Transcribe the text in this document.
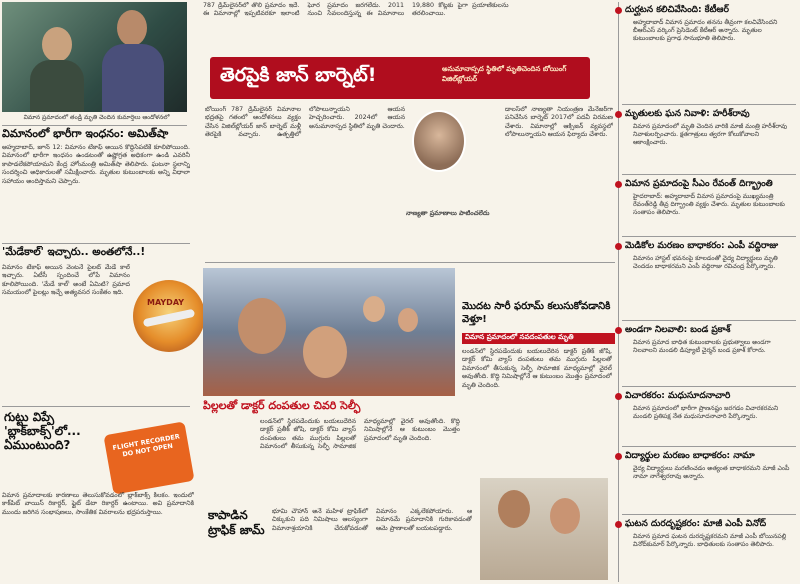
విమాన ప్రమాదంలో తండ్రి మృతి చెందిన కుమార్తెలు ఆందోళనలో
విమానంలో భారీగా ఇంధనం: అమిత్‌షా
అహ్మదాబాద్, జూన్ 12: విమానం టేకాఫ్ అయిన కొద్దిసేపటికే కూలిపోయింది. విమానంలో భారీగా ఇంధనం ఉండటంతో ఉష్ణోగ్రత అధికంగా ఉండి ఎవరినీ కాపాడలేకపోయామని కేంద్ర హోంమంత్రి అమిత్‌షా తెలిపారు. ఘటనా స్థలాన్ని సందర్శించి అధికారులతో సమీక్షించారు. మృతుల కుటుంబాలకు అన్ని విధాలా సహాయం అందిస్తామని చెప్పారు.
'మేడేకాల్' ఇచ్చారు.. అంతలోనే..!
విమానం టేకాఫ్ అయిన వెంటనే పైలట్ మేడే కాల్ ఇచ్చారు. ఏటీసీ స్పందించే లోపే విమానం కూలిపోయింది. 'మేడే కాల్' అంటే ఏమిటి? ప్రమాద సమయంలో పైలట్లు ఇచ్చే అత్యవసర సంకేతం ఇది.
MAYDAY
గుట్టు విప్పే 'బ్లాక్‌బాక్స్'లో... ఏముంటుంది?	FLIGHT RECORDER DO NOT OPEN
విమాన ప్రమాదాలకు కారణాలు తెలుసుకోవడంలో బ్లాక్‌బాక్స్ కీలకం. ఇందులో కాక్‌పిట్ వాయిస్ రికార్డర్, ఫ్లైట్ డేటా రికార్డర్ ఉంటాయి. అవి ప్రమాదానికి ముందు జరిగిన సంభాషణలు, సాంకేతిక వివరాలను భద్రపరుస్తాయి.
787 డ్రీమ్‌లైనర్‌లో తొలి ప్రమాదం ఇదే. ఈ విమానాల్లో ఇప్పటివరకూ ఇలాంటి ఘోర ప్రమాదం జరగలేదు. 2011 నుంచి సేవలందిస్తున్న ఈ విమానాలు 19,880 కోట్లకు పైగా ప్రయాణికులను తరలించాయి.
తెరపైకి జాన్ బార్నెట్!	అనుమానాస్పద స్థితిలో మృతిచెందిన బోయింగ్ విజిల్‌బ్లోయర్
బోయింగ్ 787 డ్రీమ్‌లైనర్ విమానాల భద్రతపై గతంలో ఆందోళనలు వ్యక్తం చేసిన విజిల్‌బ్లోయర్ జాన్ బార్నెట్ మళ్లీ తెరపైకి వచ్చారు. ఉత్పత్తిలో లోపాలున్నాయని ఆయన హెచ్చరించారు. 2024లో ఆయన అనుమానాస్పద స్థితిలో మృతి చెందారు.
నాణ్యతా ప్రమాణాలు పాటించలేదు
డాలస్‌లో నాణ్యతా నియంత్రణ మేనేజర్‌గా పనిచేసిన బార్నెట్ 2017లో పదవీ విరమణ చేశారు. విమానాల్లో ఆక్సిజన్ వ్యవస్థలో లోపాలున్నాయని ఆయన ఫిర్యాదు చేశారు.
పిల్లలతో డాక్టర్ దంపతుల చివరి సెల్ఫీ
లండన్‌లో స్థిరపడేందుకు బయలుదేరిన డాక్టర్ ప్రతీక్ జోషి, డాక్టర్ కోమి వ్యాస్ దంపతులు తమ ముగ్గురు పిల్లలతో విమానంలో తీసుకున్న సెల్ఫీ సామాజిక మాధ్యమాల్లో వైరల్ అవుతోంది. కొద్ది నిమిషాల్లోనే ఆ కుటుంబం మొత్తం ప్రమాదంలో మృతి చెందింది.
మొదట సారీ ఫరూమ్ కలుసుకోవడానికి వెళ్తూ!
విమాన ప్రమాదంలో నవదంపతుల మృతి
లండన్‌లో స్థిరపడేందుకు బయలుదేరిన డాక్టర్ ప్రతీక్ జోషి, డాక్టర్ కోమి వ్యాస్ దంపతులు తమ ముగ్గురు పిల్లలతో విమానంలో తీసుకున్న సెల్ఫీ సామాజిక మాధ్యమాల్లో వైరల్ అవుతోంది. కొద్ది నిమిషాల్లోనే ఆ కుటుంబం మొత్తం ప్రమాదంలో మృతి చెందింది.
కాపాడిన ట్రాఫిక్ జామ్
భూమి చౌహాన్ అనే మహిళ ట్రాఫిక్‌లో చిక్కుకుని పది నిమిషాలు ఆలస్యంగా విమానాశ్రయానికి చేరుకోవడంతో విమానం ఎక్కలేకపోయారు. ఆ విమానమే ప్రమాదానికి గురికావడంతో ఆమె ప్రాణాలతో బయటపడ్డారు.
దుర్ఘటన కలిచివేసింది: కేటీఆర్
అహ్మదాబాద్ విమాన ప్రమాదం తనను తీవ్రంగా కలచివేసిందని బీఆర్ఎస్ వర్కింగ్ ప్రెసిడెంట్ కేటీఆర్ అన్నారు. మృతుల కుటుంబాలకు ప్రగాఢ సానుభూతి తెలిపారు.
మృతులకు ఘన నివాళి: హరీశ్‌రావు
విమాన ప్రమాదంలో మృతి చెందిన వారికి మాజీ మంత్రి హరీశ్‌రావు నివాళులర్పించారు. క్షతగాత్రులు త్వరగా కోలుకోవాలని ఆకాంక్షించారు.
విమాన ప్రమాదంపై సీఎం రేవంత్ దిగ్భ్రాంతి
హైదరాబాద్: అహ్మదాబాద్ విమాన ప్రమాదంపై ముఖ్యమంత్రి రేవంత్‌రెడ్డి తీవ్ర దిగ్భ్రాంతి వ్యక్తం చేశారు. మృతుల కుటుంబాలకు సంతాపం తెలిపారు.
మెడికోల మరణం బాధాకరం: ఎంపీ వద్దిరాజు
విమానం హాస్టల్ భవనంపై కూలడంతో వైద్య విద్యార్థులు మృతి చెందడం బాధాకరమని ఎంపీ వద్దిరాజు రవిచంద్ర పేర్కొన్నారు.
అండగా నిలవాలి: బండ ప్రకాశ్
విమాన ప్రమాద బాధిత కుటుంబాలకు ప్రభుత్వాలు అండగా నిలవాలని మండలి డిప్యూటీ చైర్మన్ బండ ప్రకాశ్ కోరారు.
విచారకరం: మధుసూదనాచారి
విమాన ప్రమాదంలో భారీగా ప్రాణనష్టం జరగడం విచారకరమని మండలి ప్రతిపక్ష నేత మధుసూదనాచారి పేర్కొన్నారు.
విద్యార్థుల మరణం బాధాకరం: నామా
వైద్య విద్యార్థులు మరణించడం అత్యంత బాధాకరమని మాజీ ఎంపీ నామా నాగేశ్వరరావు అన్నారు.
ఘటన దురదృష్టకరం: మాజీ ఎంపీ వినోద్
విమాన ప్రమాద ఘటన దురదృష్టకరమని మాజీ ఎంపీ బోయినపల్లి వినోద్‌కుమార్ పేర్కొన్నారు. బాధితులకు సంతాపం తెలిపారు.
